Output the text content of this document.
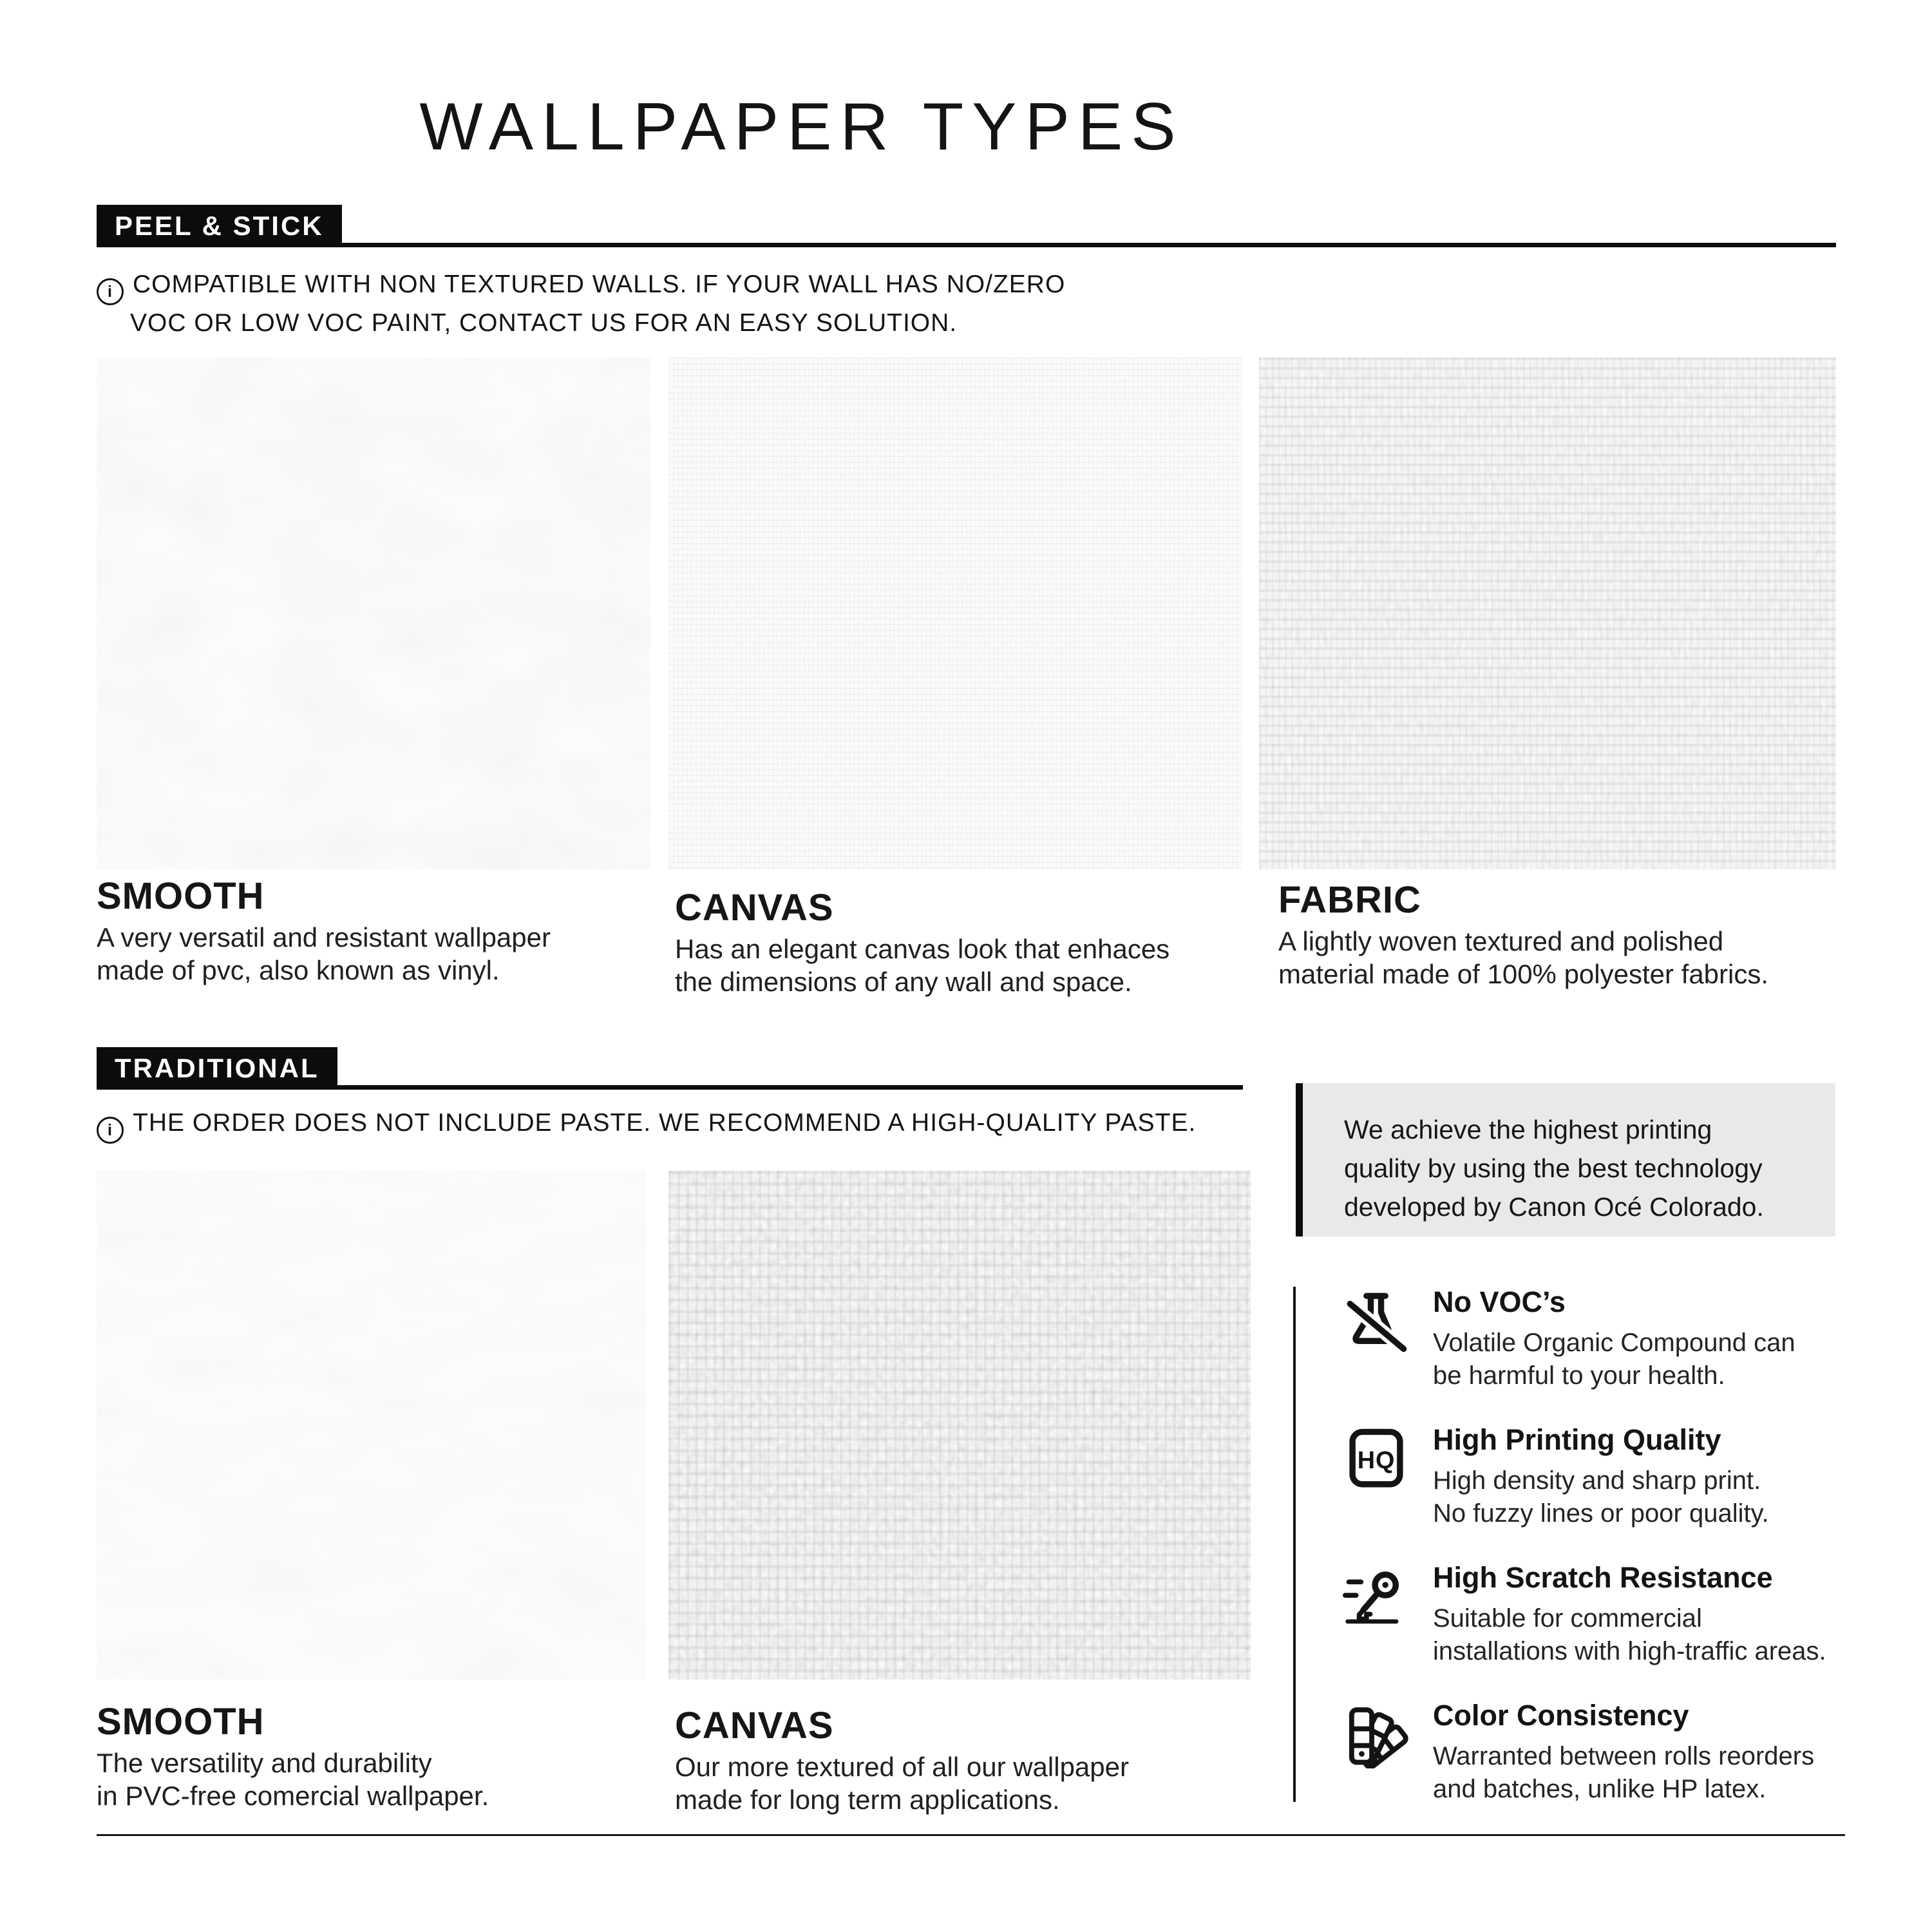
WALLPAPER TYPES
PEEL & STICK
i COMPATIBLE WITH NON TEXTURED WALLS. IF YOUR WALL HAS NO/ZERO
VOC OR LOW VOC PAINT, CONTACT US FOR AN EASY SOLUTION.
SMOOTH
A very versatil and resistant wallpaper
made of pvc, also known as vinyl.
CANVAS
Has an elegant canvas look that enhaces
the dimensions of any wall and space.
FABRIC
A lightly woven textured and polished
material made of 100% polyester fabrics.
TRADITIONAL
i THE ORDER DOES NOT INCLUDE PASTE. WE RECOMMEND A HIGH-QUALITY PASTE.	We achieve the highest printing
quality by using the best technology
developed by Canon Océ Colorado.
SMOOTH
The versatility and durability
in PVC-free comercial wallpaper.
CANVAS
Our more textured of all our wallpaper
made for long term applications.
No VOC’s
Volatile Organic Compound can
be harmful to your health.
HQ
High Printing Quality
High density and sharp print.
No fuzzy lines or poor quality.
High Scratch Resistance
Suitable for commercial
installations with high-traffic areas.
Color Consistency
Warranted between rolls reorders
and batches, unlike HP latex.
